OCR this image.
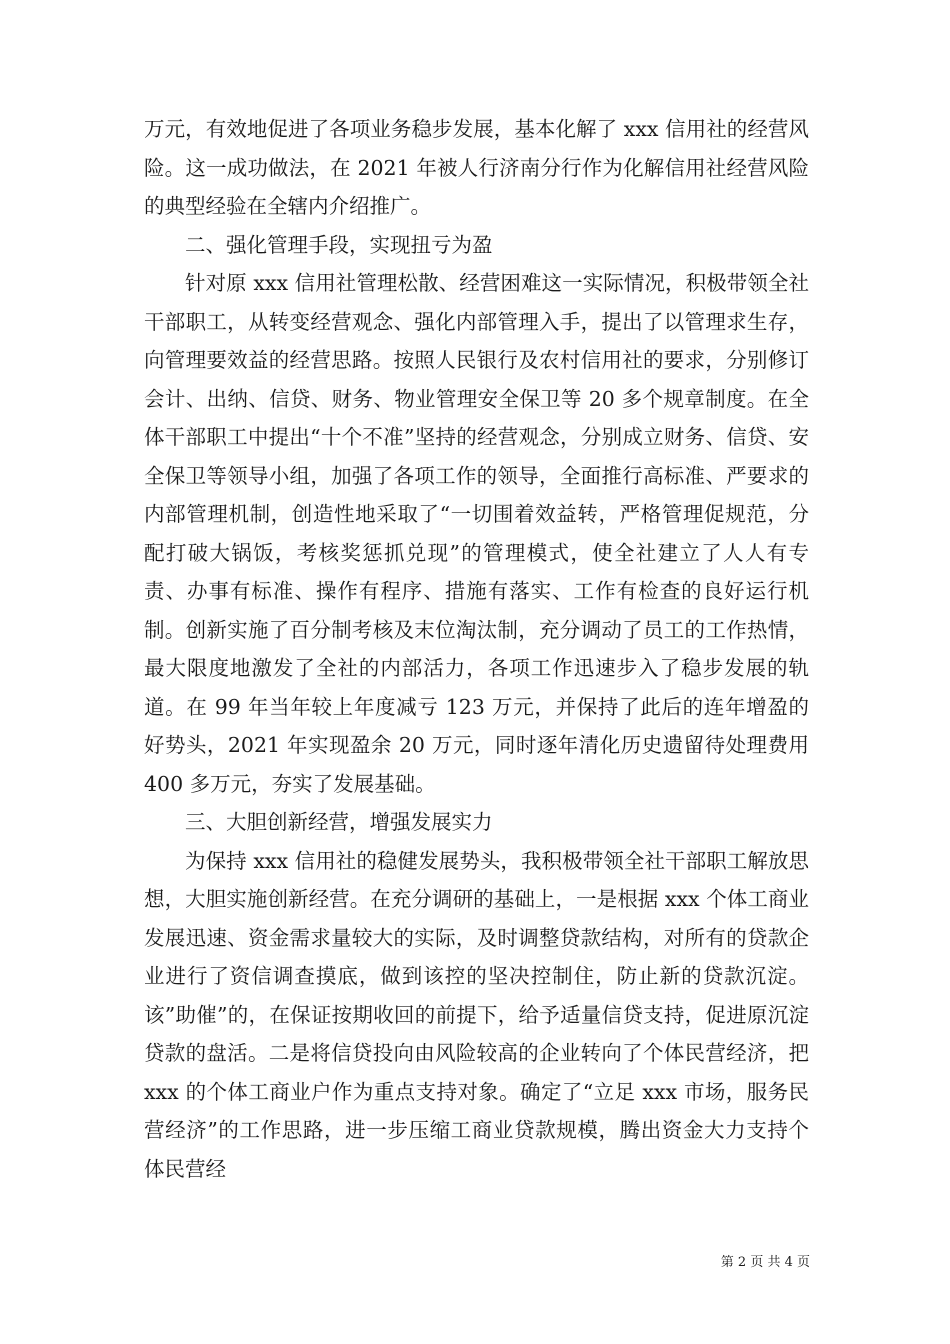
万元，有效地促进了各项业务稳步发展，基本化解了 xxx 信用社的经营风险。这一成功做法，在 2021 年被人行济南分行作为化解信用社经营风险的典型经验在全辖内介绍推广。

二、强化管理手段，实现扭亏为盈

针对原 xxx 信用社管理松散、经营困难这一实际情况，积极带领全社干部职工，从转变经营观念、强化内部管理入手，提出了以管理求生存，向管理要效益的经营思路。按照人民银行及农村信用社的要求，分别修订会计、出纳、信贷、财务、物业管理安全保卫等 20 多个规章制度。在全体干部职工中提出“十个不准”坚持的经营观念，分别成立财务、信贷、安全保卫等领导小组，加强了各项工作的领导，全面推行高标准、严要求的内部管理机制，创造性地采取了“一切围着效益转，严格管理促规范，分配打破大锅饭，考核奖惩抓兑现”的管理模式，使全社建立了人人有专责、办事有标准、操作有程序、措施有落实、工作有检查的良好运行机制。创新实施了百分制考核及末位淘汰制，充分调动了员工的工作热情，最大限度地激发了全社的内部活力，各项工作迅速步入了稳步发展的轨道。在 99 年当年较上年度减亏 123 万元，并保持了此后的连年增盈的好势头，2021 年实现盈余 20 万元，同时逐年清化历史遗留待处理费用 400 多万元，夯实了发展基础。

三、大胆创新经营，增强发展实力

为保持 xxx 信用社的稳健发展势头，我积极带领全社干部职工解放思想，大胆实施创新经营。在充分调研的基础上，一是根据 xxx 个体工商业发展迅速、资金需求量较大的实际，及时调整贷款结构，对所有的贷款企业进行了资信调查摸底，做到该控的坚决控制住，防止新的贷款沉淀。该”助催”的，在保证按期收回的前提下，给予适量信贷支持，促进原沉淀贷款的盘活。二是将信贷投向由风险较高的企业转向了个体民营经济，把 xxx 的个体工商业户作为重点支持对象。确定了“立足 xxx 市场，服务民营经济”的工作思路，进一步压缩工商业贷款规模，腾出资金大力支持个体民营经

第 2 页 共 4 页
